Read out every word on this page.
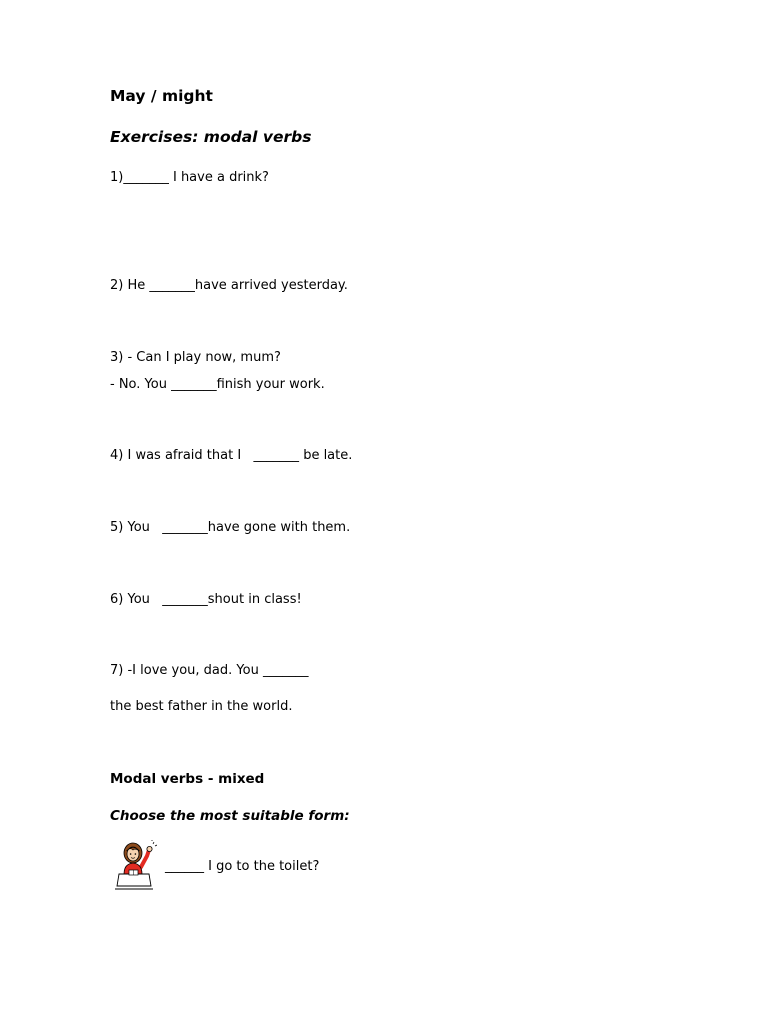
May / might
Exercises: modal verbs
1)_______ I have a drink?
2) He _______have arrived yesterday.
3) - Can I play now, mum?
- No. You _______finish your work.
4) I was afraid that I   _______ be late.
5) You   _______have gone with them.
6) You   _______shout in class!
7) -I love you, dad. You _______
the best father in the world.
Modal verbs - mixed
Choose the most suitable form:
______ I go to the toilet?
